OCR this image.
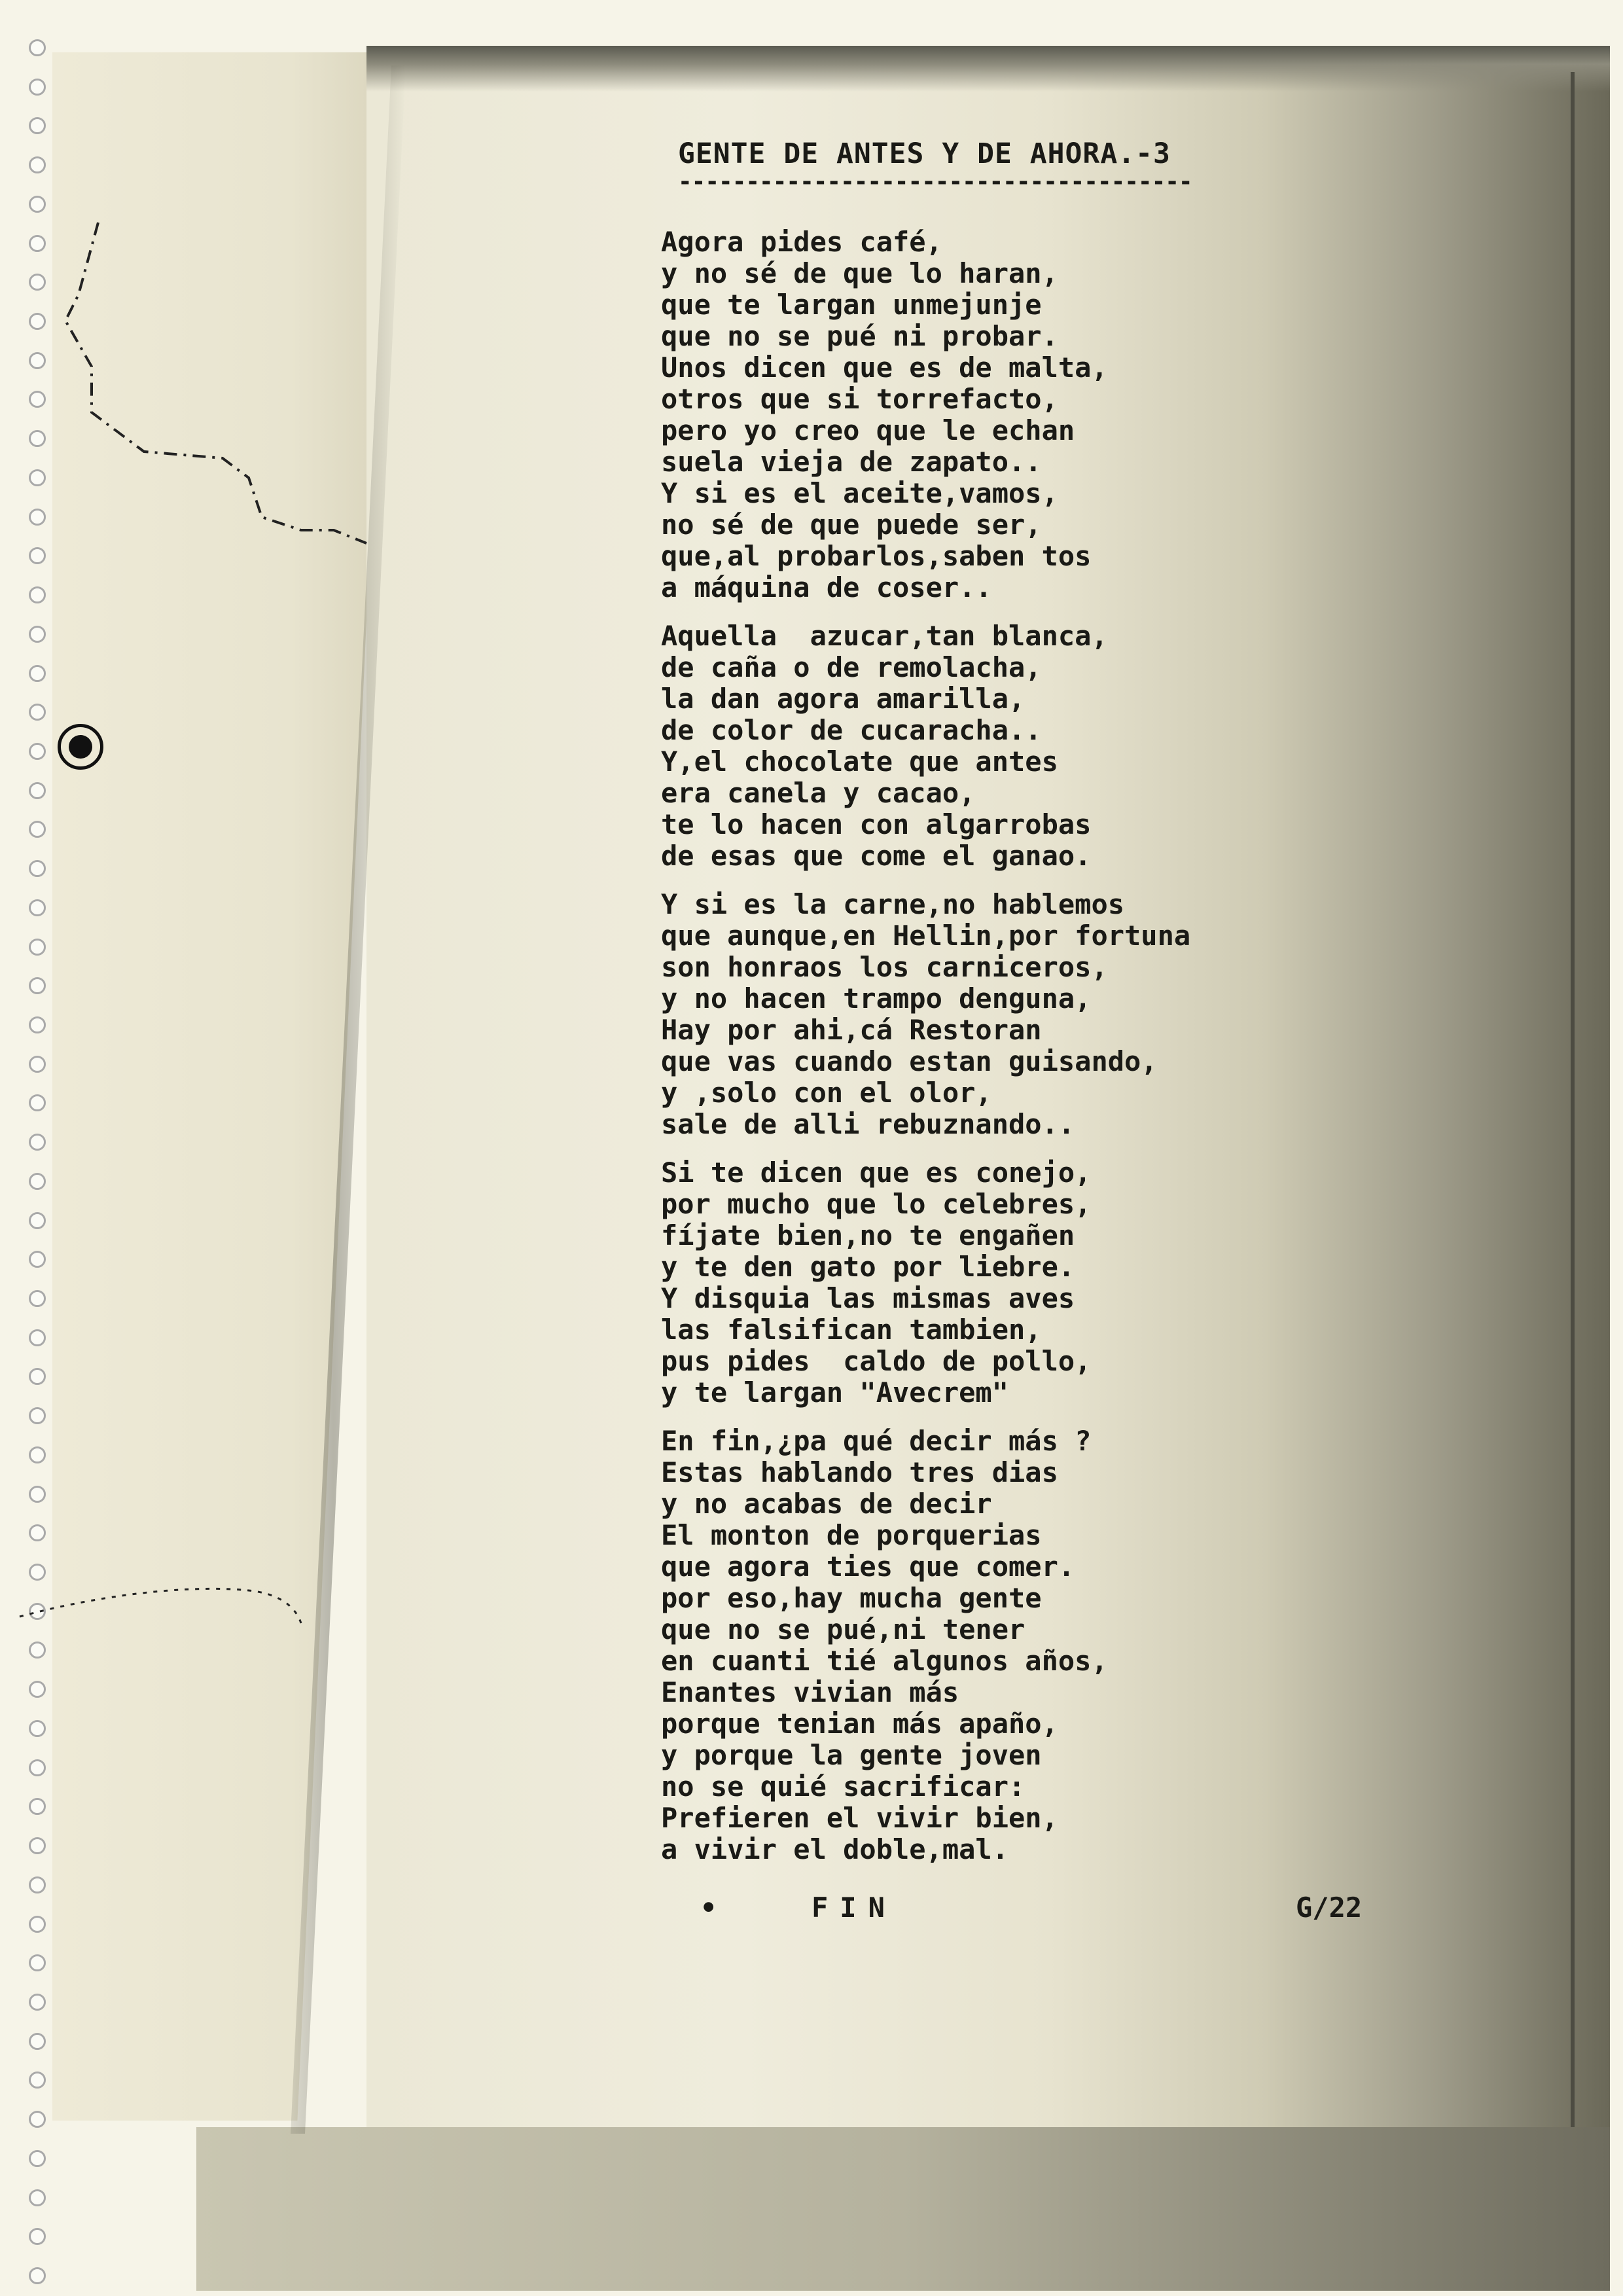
GENTE DE ANTES Y DE AHORA.-3
--------------------------------------
Agora pides café,
y no sé de que lo haran,
que te largan unmejunje
que no se pué ni probar.
Unos dicen que es de malta,
otros que si torrefacto,
pero yo creo que le echan
suela vieja de zapato..
Y si es el aceite,vamos,
no sé de que puede ser,
que,al probarlos,saben tos
a máquina de coser..
Aquella  azucar,tan blanca,
de caña o de remolacha,
la dan agora amarilla,
de color de cucaracha..
Y,el chocolate que antes
era canela y cacao,
te lo hacen con algarrobas
de esas que come el ganao.
Y si es la carne,no hablemos
que aunque,en Hellin,por fortuna
son honraos los carniceros,
y no hacen trampo denguna,
Hay por ahi,cá Restoran
que vas cuando estan guisando,
y ,solo con el olor,
sale de alli rebuznando..
Si te dicen que es conejo,
por mucho que lo celebres,
fíjate bien,no te engañen
y te den gato por liebre.
Y disquia las mismas aves
las falsifican tambien,
pus pides  caldo de pollo,
y te largan "Avecrem"
En fin,¿pa qué decir más ?
Estas hablando tres dias
y no acabas de decir
El monton de porquerias
que agora ties que comer.
por eso,hay mucha gente
que no se pué,ni tener
en cuanti tié algunos años,
Enantes vivian más
porque tenian más apaño,
y porque la gente joven
no se quié sacrificar:
Prefieren el vivir bien,
a vivir el doble,mal.
•	FIN	G/22
